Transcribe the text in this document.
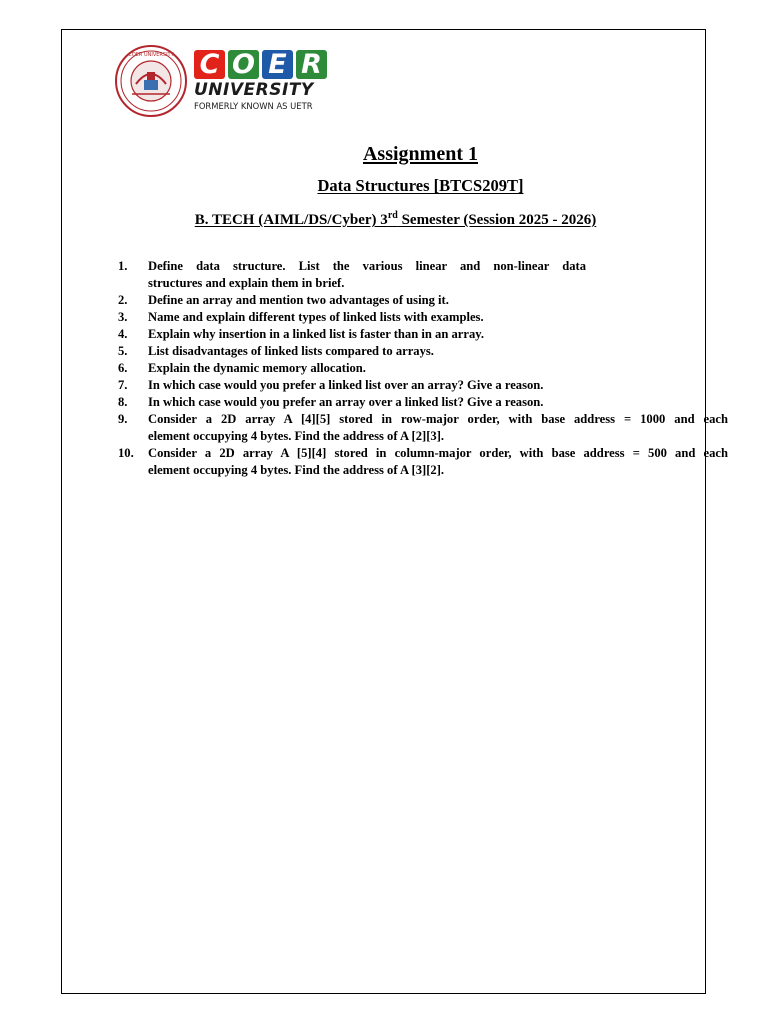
COER UNIVERSITY C O E R
UNIVERSITY
FORMERLY KNOWN AS UETR
Assignment 1
Data Structures [BTCS209T]
B. TECH (AIML/DS/Cyber) 3rd Semester (Session 2025 - 2026)
1.	Define data structure. List the various linear and non-linear data
structures and explain them in brief.
2.	Define an array and mention two advantages of using it.
3.	Name and explain different types of linked lists with examples.
4.	Explain why insertion in a linked list is faster than in an array.
5.	List disadvantages of linked lists compared to arrays.
6.	Explain the dynamic memory allocation.
7.	In which case would you prefer a linked list over an array? Give a reason.
8.	In which case would you prefer an array over a linked list? Give a reason.
9.	Consider a 2D array A [4][5] stored in row-major order, with base address = 1000 and each
element occupying 4 bytes. Find the address of A [2][3].
10.	Consider a 2D array A [5][4] stored in column-major order, with base address = 500 and each
element occupying 4 bytes. Find the address of A [3][2].
